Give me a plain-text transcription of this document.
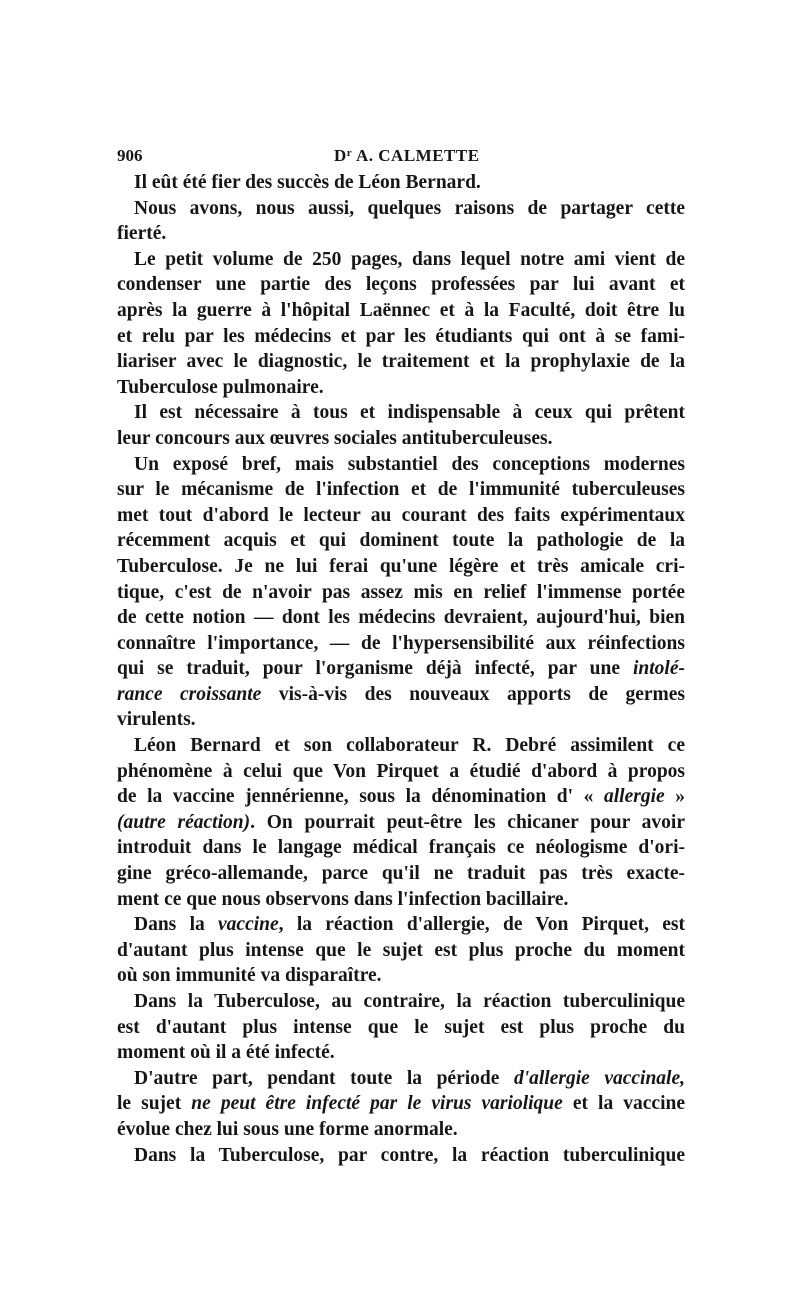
906	$D^r$ A. CALMETTE
Il eût été fier des succès de Léon Bernard.
Nous avons, nous aussi, quelques raisons de partager cette
fierté.
Le petit volume de 250 pages, dans lequel notre ami vient de
condenser une partie des leçons professées par lui avant et
après la guerre à l'hôpital Laënnec et à la Faculté, doit être lu
et relu par les médecins et par les étudiants qui ont à se fami-
liariser avec le diagnostic, le traitement et la prophylaxie de la
Tuberculose pulmonaire.
Il est nécessaire à tous et indispensable à ceux qui prêtent
leur concours aux œuvres sociales antituberculeuses.
Un exposé bref, mais substantiel des conceptions modernes
sur le mécanisme de l'infection et de l'immunité tuberculeuses
met tout d'abord le lecteur au courant des faits expérimentaux
récemment acquis et qui dominent toute la pathologie de la
Tuberculose. Je ne lui ferai qu'une légère et très amicale cri-
tique, c'est de n'avoir pas assez mis en relief l'immense portée
de cette notion — dont les médecins devraient, aujourd'hui, bien
connaître l'importance, — de l'hypersensibilité aux réinfections
qui se traduit, pour l'organisme déjà infecté, par une intolé-
rance croissante vis-à-vis des nouveaux apports de germes
virulents.
Léon Bernard et son collaborateur R. Debré assimilent ce
phénomène à celui que Von Pirquet a étudié d'abord à propos
de la vaccine jennérienne, sous la dénomination d' « allergie »
(autre réaction). On pourrait peut-être les chicaner pour avoir
introduit dans le langage médical français ce néologisme d'ori-
gine gréco-allemande, parce qu'il ne traduit pas très exacte-
ment ce que nous observons dans l'infection bacillaire.
Dans la vaccine, la réaction d'allergie, de Von Pirquet, est
d'autant plus intense que le sujet est plus proche du moment
où son immunité va disparaître.
Dans la Tuberculose, au contraire, la réaction tuberculinique
est d'autant plus intense que le sujet est plus proche du
moment où il a été infecté.
D'autre part, pendant toute la période d'allergie vaccinale,
le sujet ne peut être infecté par le virus variolique et la vaccine
évolue chez lui sous une forme anormale.
Dans la Tuberculose, par contre, la réaction tuberculinique
